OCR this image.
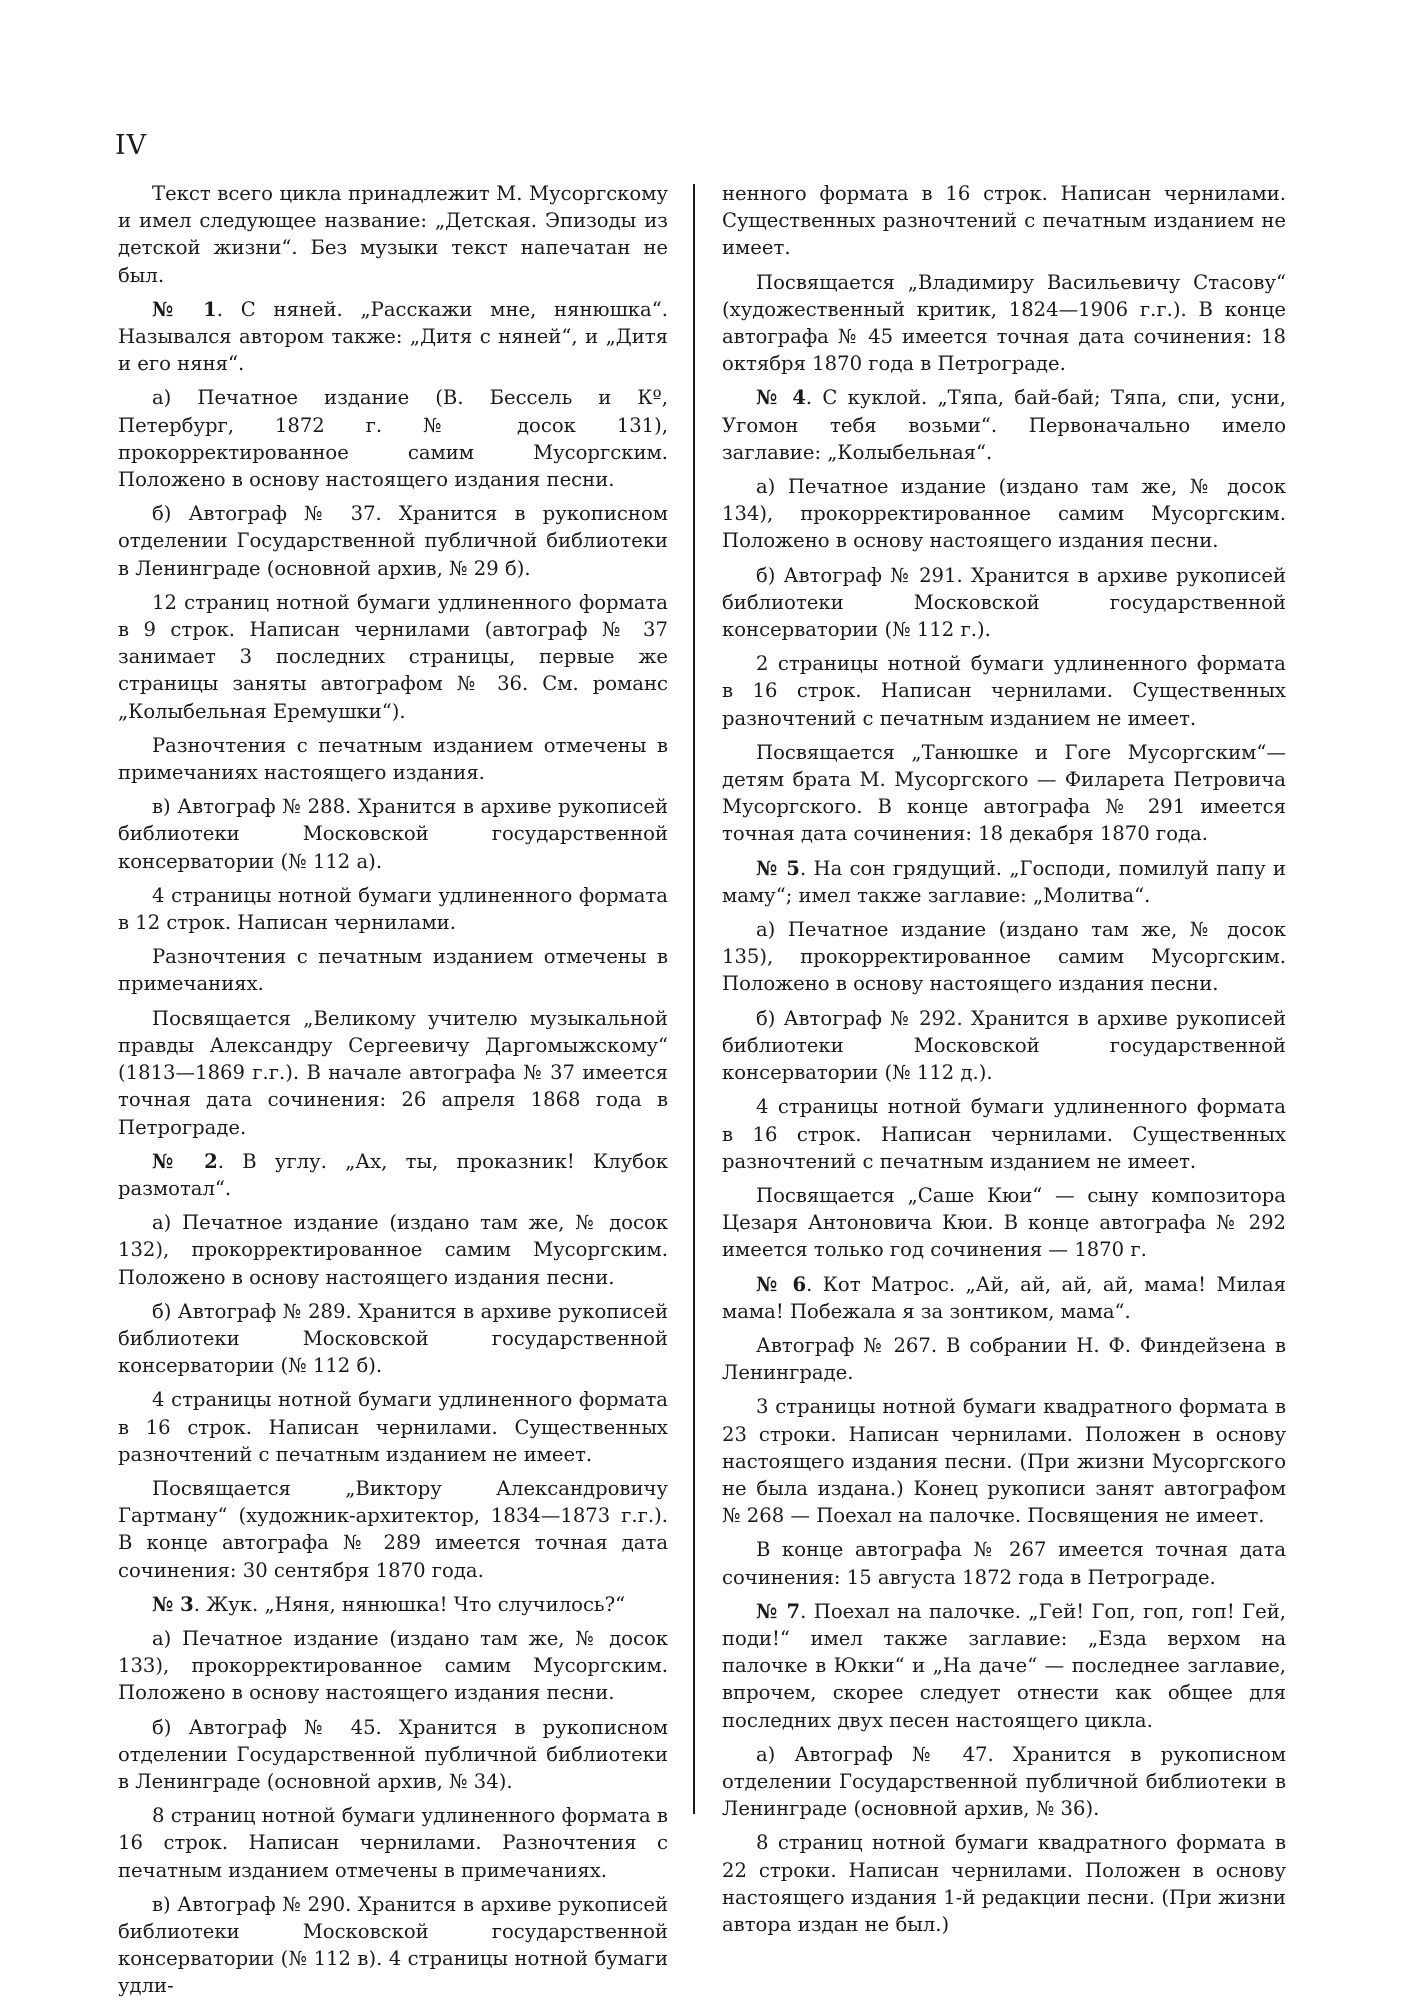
IV

Текст всего цикла принадлежит М. Мусоргскому и имел следующее название: „Детская. Эпизоды из детской жизни“. Без музыки текст напечатан не был.

№ 1. С няней. „Расскажи мне, нянюшка“. Назывался автором также: „Дитя с няней“, и „Дитя и его няня“.

а) Печатное издание (В. Бессель и Кº, Петербург, 1872 г. № досок 131), прокорректированное самим Мусоргским. Положено в основу настоящего издания песни.

б) Автограф № 37. Хранится в рукописном отделении Государственной публичной библиотеки в Ленинграде (основной архив, № 29 б).

12 страниц нотной бумаги удлиненного формата в 9 строк. Написан чернилами (автограф № 37 занимает 3 последних страницы, первые же страницы заняты автографом № 36. См. романс „Колыбельная Еремушки“).

Разночтения с печатным изданием отмечены в примечаниях настоящего издания.

в) Автограф № 288. Хранится в архиве рукописей библиотеки Московской государственной консерватории (№ 112 а).

4 страницы нотной бумаги удлиненного формата в 12 строк. Написан чернилами.

Разночтения с печатным изданием отмечены в примечаниях.

Посвящается „Великому учителю музыкальной правды Александру Сергеевичу Даргомыжскому“ (1813—1869 г.г.). В начале автографа № 37 имеется точная дата сочинения: 26 апреля 1868 года в Петрограде.

№ 2. В углу. „Ах, ты, проказник! Клубок размотал“.

а) Печатное издание (издано там же, № досок 132), прокорректированное самим Мусоргским. Положено в основу настоящего издания песни.

б) Автограф № 289. Хранится в архиве рукописей библиотеки Московской государственной консерватории (№ 112 б).

4 страницы нотной бумаги удлиненного формата в 16 строк. Написан чернилами. Существенных разночтений с печатным изданием не имеет.

Посвящается „Виктору Александровичу Гартману“ (художник-архитектор, 1834—1873 г.г.). В конце автографа № 289 имеется точная дата сочинения: 30 сентября 1870 года.

№ 3. Жук. „Няня, нянюшка! Что случилось?“

а) Печатное издание (издано там же, № досок 133), прокорректированное самим Мусоргским. Положено в основу настоящего издания песни.

б) Автограф № 45. Хранится в рукописном отделении Государственной публичной библиотеки в Ленинграде (основной архив, № 34).

8 страниц нотной бумаги удлиненного формата в 16 строк. Написан чернилами. Разночтения с печатным изданием отмечены в примечаниях.

в) Автограф № 290. Хранится в архиве рукописей библиотеки Московской государственной консерватории (№ 112 в). 4 страницы нотной бумаги удли-

ненного формата в 16 строк. Написан чернилами. Существенных разночтений с печатным изданием не имеет.

Посвящается „Владимиру Васильевичу Стасову“ (художественный критик, 1824—1906 г.г.). В конце автографа № 45 имеется точная дата сочинения: 18 октября 1870 года в Петрограде.

№ 4. С куклой. „Тяпа, бай-бай; Тяпа, спи, усни, Угомон тебя возьми“. Первоначально имело заглавие: „Колыбельная“.

а) Печатное издание (издано там же, № досок 134), прокорректированное самим Мусоргским. Положено в основу настоящего издания песни.

б) Автограф № 291. Хранится в архиве рукописей библиотеки Московской государственной консерватории (№ 112 г.).

2 страницы нотной бумаги удлиненного формата в 16 строк. Написан чернилами. Существенных разночтений с печатным изданием не имеет.

Посвящается „Танюшке и Гоге Мусоргским“— детям брата М. Мусоргского — Филарета Петровича Мусоргского. В конце автографа № 291 имеется точная дата сочинения: 18 декабря 1870 года.

№ 5. На сон грядущий. „Господи, помилуй папу и маму“; имел также заглавие: „Молитва“.

а) Печатное издание (издано там же, № досок 135), прокорректированное самим Мусоргским. Положено в основу настоящего издания песни.

б) Автограф № 292. Хранится в архиве рукописей библиотеки Московской государственной консерватории (№ 112 д.).

4 страницы нотной бумаги удлиненного формата в 16 строк. Написан чернилами. Существенных разночтений с печатным изданием не имеет.

Посвящается „Саше Кюи“ — сыну композитора Цезаря Антоновича Кюи. В конце автографа № 292 имеется только год сочинения — 1870 г.

№ 6. Кот Матрос. „Ай, ай, ай, ай, мама! Милая мама! Побежала я за зонтиком, мама“.

Автограф № 267. В собрании Н. Ф. Финдейзена в Ленинграде.

3 страницы нотной бумаги квадратного формата в 23 строки. Написан чернилами. Положен в основу настоящего издания песни. (При жизни Мусоргского не была издана.) Конец рукописи занят автографом № 268 — Поехал на палочке. Посвящения не имеет.

В конце автографа № 267 имеется точная дата сочинения: 15 августа 1872 года в Петрограде.

№ 7. Поехал на палочке. „Гей! Гоп, гоп, гоп! Гей, поди!“ имел также заглавие: „Езда верхом на палочке в Юкки“ и „На даче“ — последнее заглавие, впрочем, скорее следует отнести как общее для последних двух песен настоящего цикла.

а) Автограф № 47. Хранится в рукописном отделении Государственной публичной библиотеки в Ленинграде (основной архив, № 36).

8 страниц нотной бумаги квадратного формата в 22 строки. Написан чернилами. Положен в основу настоящего издания 1-й редакции песни. (При жизни автора издан не был.)
